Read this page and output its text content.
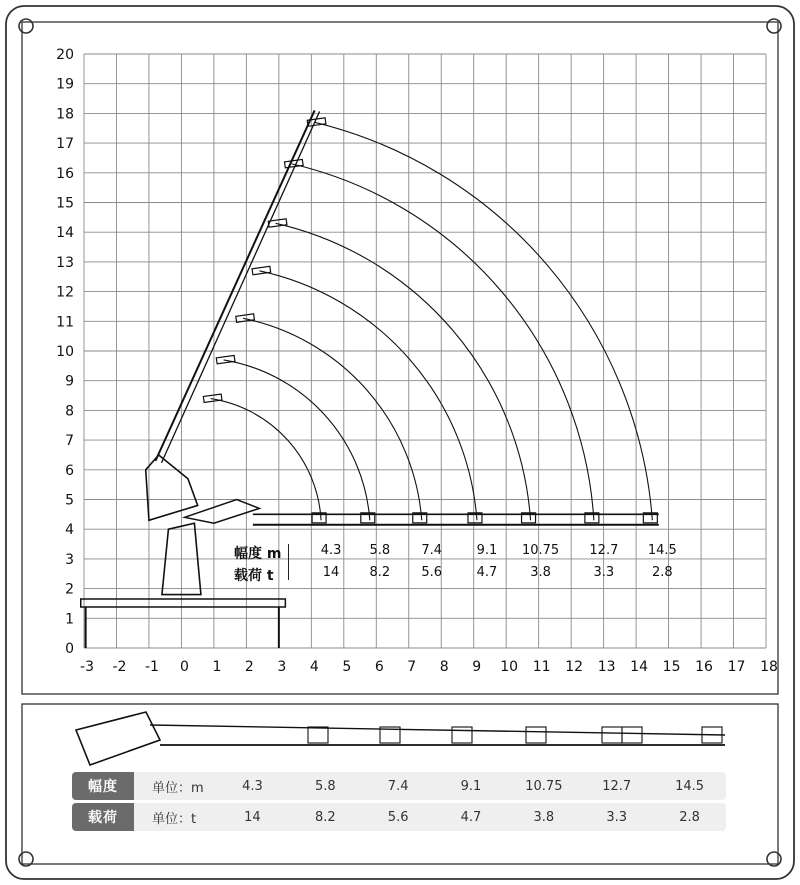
-3 -2 -1 0 1 2 3 4 5 6 7 8 9 10 11 12 13 14 15 16 17 18
0
1
2
3
4
5
6
7
8
9
10
11
12
13
14
15
16
17
18
19
20
幅度 m
载荷 t
4.3 5.8 7.4	9.1 10.75 12.7 14.5
14 8.2 5.6	4.7	3.8	3.3	2.8
幅度	单位：m	4.3	5.8	7.4	9.1	10.75	12.7	14.5
载荷	单位：t	14	8.2	5.6	4.7	3.8	3.3	2.8
